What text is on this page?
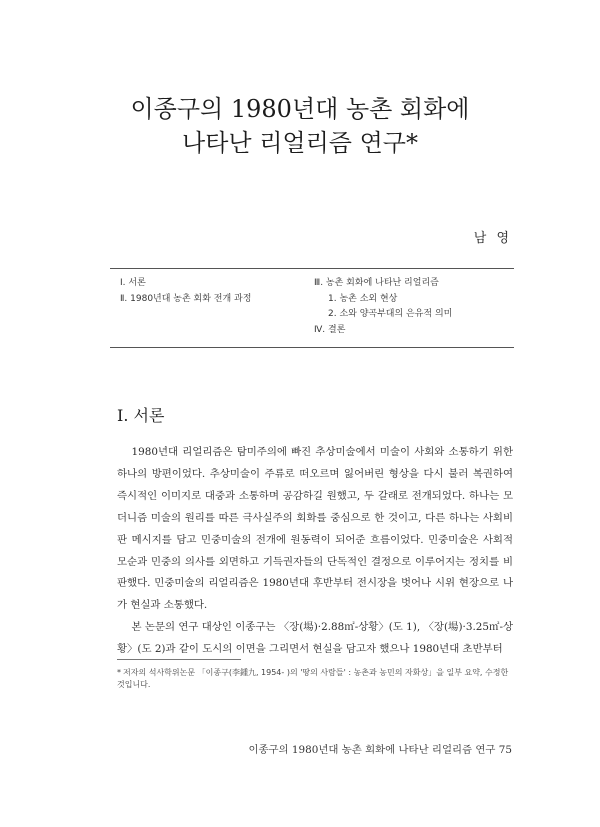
이종구의 1980년대 농촌 회화에
나타난 리얼리즘 연구*
남 영
Ⅰ. 서론
Ⅱ. 1980년대 농촌 회화 전개 과정
Ⅲ. 농촌 회화에 나타난 리얼리즘
1. 농촌 소외 현상
2. 소와 양곡부대의 은유적 의미
Ⅳ. 결론
Ⅰ. 서론

1980년대 리얼리즘은 탐미주의에 빠진 추상미술에서 미술이 사회와 소통하기 위한 하나의 방편이었다. 추상미술이 주류로 떠오르며 잃어버린 형상을 다시 불러 복권하여 즉시적인 이미지로 대중과 소통하며 공감하길 원했고, 두 갈래로 전개되었다. 하나는 모더니즘 미술의 원리를 따른 극사실주의 회화를 중심으로 한 것이고, 다른 하나는 사회비판 메시지를 담고 민중미술의 전개에 원동력이 되어준 흐름이었다. 민중미술은 사회적 모순과 민중의 의사를 외면하고 기득권자들의 단독적인 결정으로 이루어지는 정치를 비판했다. 민중미술의 리얼리즘은 1980년대 후반부터 전시장을 벗어나 시위 현장으로 나가 현실과 소통했다.

본 논문의 연구 대상인 이종구는 〈장(場)·2.88㎡-상황〉(도 1), 〈장(場)·3.25㎡-상황〉(도 2)과 같이 도시의 이면을 그리면서 현실을 담고자 했으나 1980년대 초반부터

* 저자의 석사학위논문 「이종구(李鍾九, 1954- )의 '땅의 사람들' : 농촌과 농민의 자화상」을 일부 요약, 수정한 것입니다.
이종구의 1980년대 농촌 회화에 나타난 리얼리즘 연구 75
